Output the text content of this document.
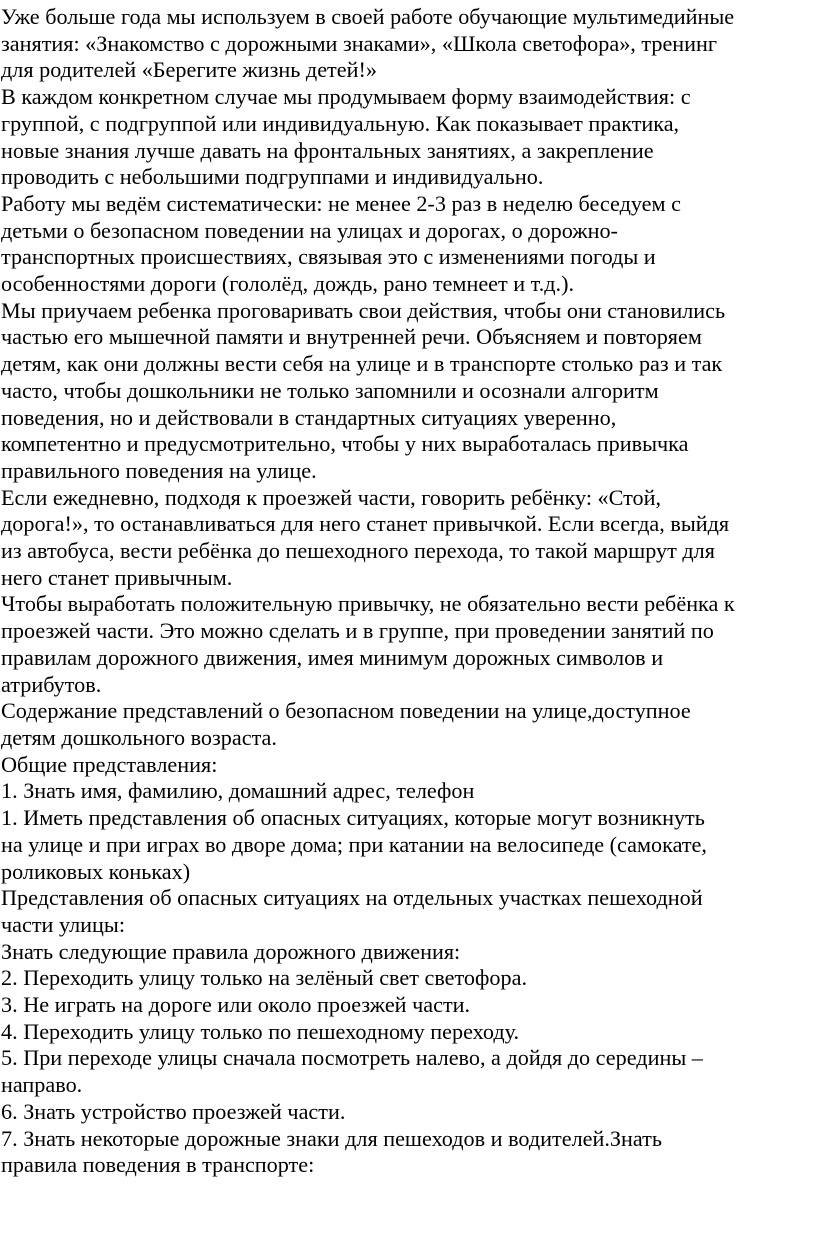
Уже больше года мы используем в своей работе обучающие мультимедийные
занятия: «Знакомство с дорожными знаками», «Школа светофора», тренинг
для родителей «Берегите жизнь детей!»

В каждом конкретном случае мы продумываем форму взаимодействия: с
группой, с подгруппой или индивидуальную. Как показывает практика,
новые знания лучше давать на фронтальных занятиях, а закрепление
проводить с небольшими подгруппами и индивидуально.

Работу мы ведём систематически: не менее 2-3 раз в неделю беседуем с
детьми о безопасном поведении на улицах и дорогах, о дорожно-
транспортных происшествиях, связывая это с изменениями погоды и
особенностями дороги (гололёд, дождь, рано темнеет и т.д.).

Мы приучаем ребенка проговаривать свои действия, чтобы они становились
частью его мышечной памяти и внутренней речи. Объясняем и повторяем
детям, как они должны вести себя на улице и в транспорте столько раз и так
часто, чтобы дошкольники не только запомнили и осознали алгоритм
поведения, но и действовали в стандартных ситуациях уверенно,
компетентно и предусмотрительно, чтобы у них выработалась привычка
правильного поведения на улице.

Если ежедневно, подходя к проезжей части, говорить ребёнку: «Стой,
дорога!», то останавливаться для него станет привычкой. Если всегда, выйдя
из автобуса, вести ребёнка до пешеходного перехода, то такой маршрут для
него станет привычным.

Чтобы выработать положительную привычку, не обязательно вести ребёнка к
проезжей части. Это можно сделать и в группе, при проведении занятий по
правилам дорожного движения, имея минимум дорожных символов и
атрибутов.

Содержание представлений о безопасном поведении на улице,доступное
детям дошкольного возраста.

Общие представления:

1. Знать имя, фамилию, домашний адрес, телефон

1. Иметь представления об опасных ситуациях, которые могут возникнуть
на улице и при играх во дворе дома; при катании на велосипеде (самокате,
роликовых коньках)

Представления об опасных ситуациях на отдельных участках пешеходной
части улицы:

Знать следующие правила дорожного движения:

2. Переходить улицу только на зелёный свет светофора.

3. Не играть на дороге или около проезжей части.

4. Переходить улицу только по пешеходному переходу.

5. При переходе улицы сначала посмотреть налево, а дойдя до середины –
направо.

6. Знать устройство проезжей части.

7. Знать некоторые дорожные знаки для пешеходов и водителей.Знать
правила поведения в транспорте:
